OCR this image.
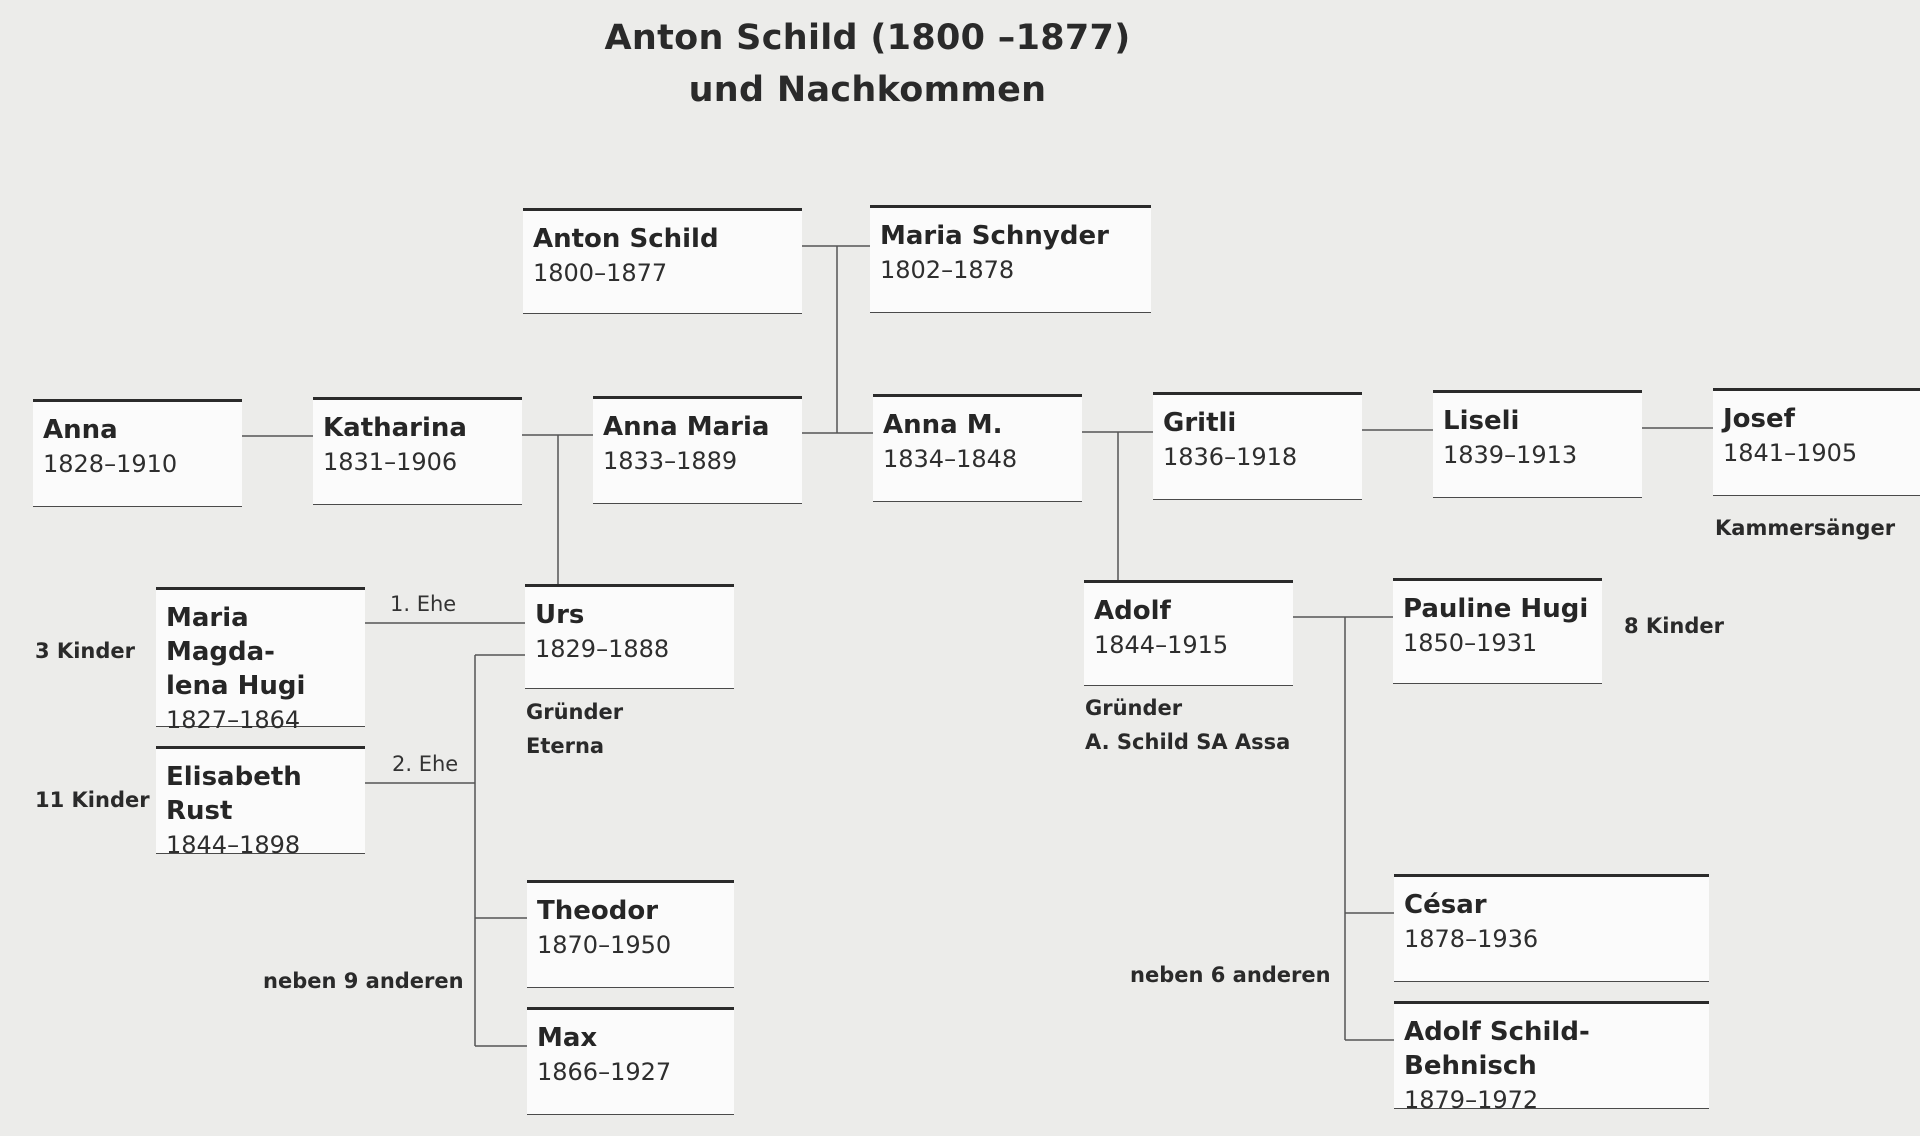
Anton Schild (1800 –1877)
und Nachkommen
Anton Schild
1800–1877
Maria Schnyder
1802–1878
Anna
1828–1910
Katharina
1831–1906
Anna Maria
1833–1889
Anna M.
1834–1848
Gritli
1836–1918
Liseli
1839–1913
Josef
1841–1905
Kammersänger
Maria Magda-
lena Hugi
1827–1864
3 Kinder
Elisabeth Rust
1844–1898
11 Kinder
1. Ehe
2. Ehe
Urs
1829–1888
Gründer
Eterna
Theodor
1870–1950
neben 9 anderen
Max
1866–1927
Adolf
1844–1915
Gründer
A. Schild SA Assa
Pauline Hugi
1850–1931
8 Kinder
César
1878–1936
neben 6 anderen
Adolf Schild-Behnisch
1879–1972
